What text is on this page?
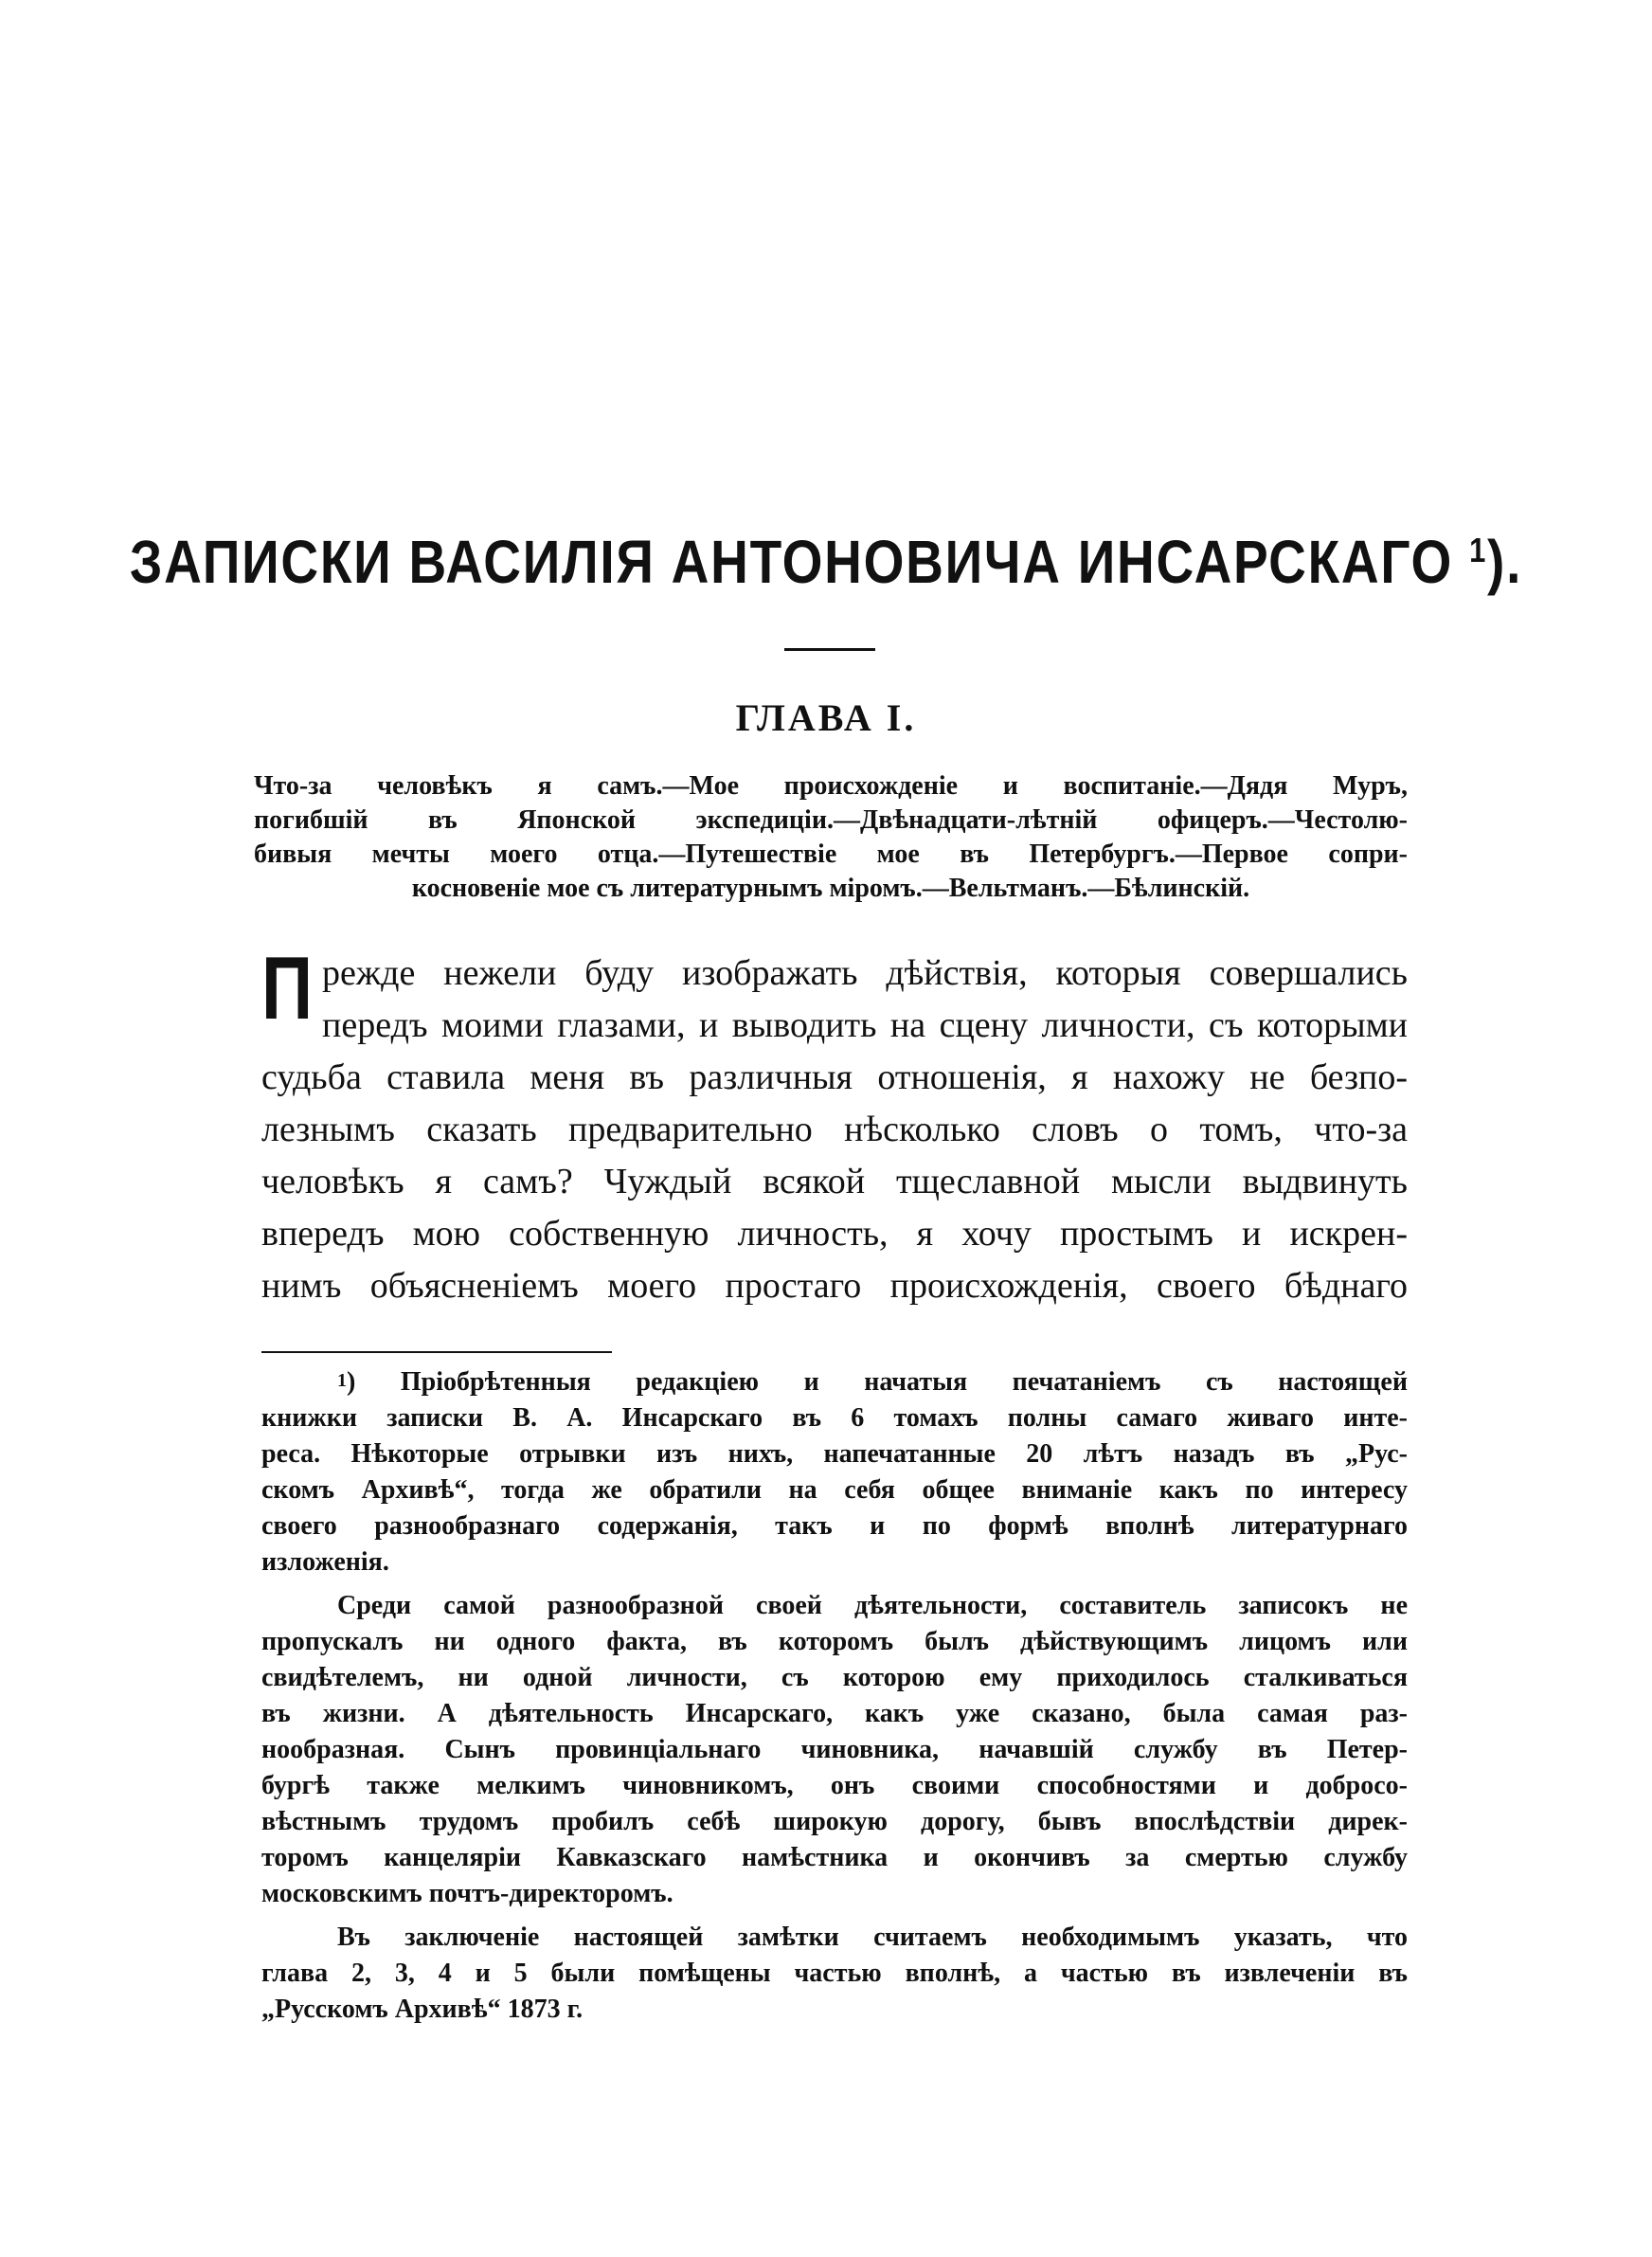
ЗАПИСКИ ВАСИЛІЯ АНТОНОВИЧА ИНСАРСКАГО $^1$).
ГЛАВА I.
Что-за человѣкъ я самъ.—Мое происхожденіе и воспитаніе.—Дядя Муръ,
погибшій въ Японской экспедиціи.—Двѣнадцати-лѣтній офицеръ.—Честолю-
бивыя мечты моего отца.—Путешествіе мое въ Петербургъ.—Первое сопри-
косновеніе мое съ литературнымъ міромъ.—Вельтманъ.—Бѣлинскій.
П режде нежели буду изображать дѣйствія, которыя совершались
передъ моими глазами, и выводить на сцену личности, съ которыми
судьба ставила меня въ различныя отношенія, я нахожу не безпо-
лезнымъ сказать предварительно нѣсколько словъ о томъ, что-за
человѣкъ я самъ? Чуждый всякой тщеславной мысли выдвинуть
впередъ мою собственную личность, я хочу простымъ и искрен-
нимъ объясненіемъ моего простаго происхожденія, своего бѣднаго
$^1$) Пріобрѣтенныя редакціею и начатыя печатаніемъ съ настоящей
книжки записки В. А. Инсарскаго въ 6 томахъ полны самаго живаго инте-
реса. Нѣкоторые отрывки изъ нихъ, напечатанные 20 лѣтъ назадъ въ „Рус-
скомъ Архивѣ“, тогда же обратили на себя общее вниманіе какъ по интересу
своего разнообразнаго содержанія, такъ и по формѣ вполнѣ литературнаго
изложенія.
Среди самой разнообразной своей дѣятельности, составитель записокъ не
пропускалъ ни одного факта, въ которомъ былъ дѣйствующимъ лицомъ или
свидѣтелемъ, ни одной личности, съ которою ему приходилось сталкиваться
въ жизни. А дѣятельность Инсарскаго, какъ уже сказано, была самая раз-
нообразная. Сынъ провинціальнаго чиновника, начавшій службу въ Петер-
бургѣ также мелкимъ чиновникомъ, онъ своими способностями и добросо-
вѣстнымъ трудомъ пробилъ себѣ широкую дорогу, бывъ впослѣдствіи дирек-
торомъ канцеляріи Кавказскаго намѣстника и окончивъ за смертью службу
московскимъ почтъ-директоромъ.
Въ заключеніе настоящей замѣтки считаемъ необходимымъ указать, что
глава 2, 3, 4 и 5 были помѣщены частью вполнѣ, а частью въ извлеченіи въ
„Русскомъ Архивѣ“ 1873 г.
